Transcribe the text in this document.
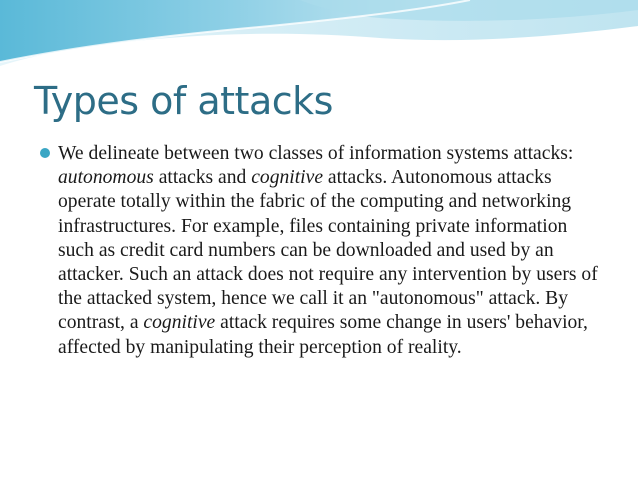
Types of attacks
We delineate between two classes of information systems attacks: autonomous attacks and cognitive attacks. Autonomous attacks operate totally within the fabric of the computing and networking infrastructures. For example, files containing private information such as credit card numbers can be downloaded and used by an attacker. Such an attack does not require any intervention by users of the attacked system, hence we call it an "autonomous" attack. By contrast, a cognitive attack requires some change in users' behavior, affected by manipulating their perception of reality.
